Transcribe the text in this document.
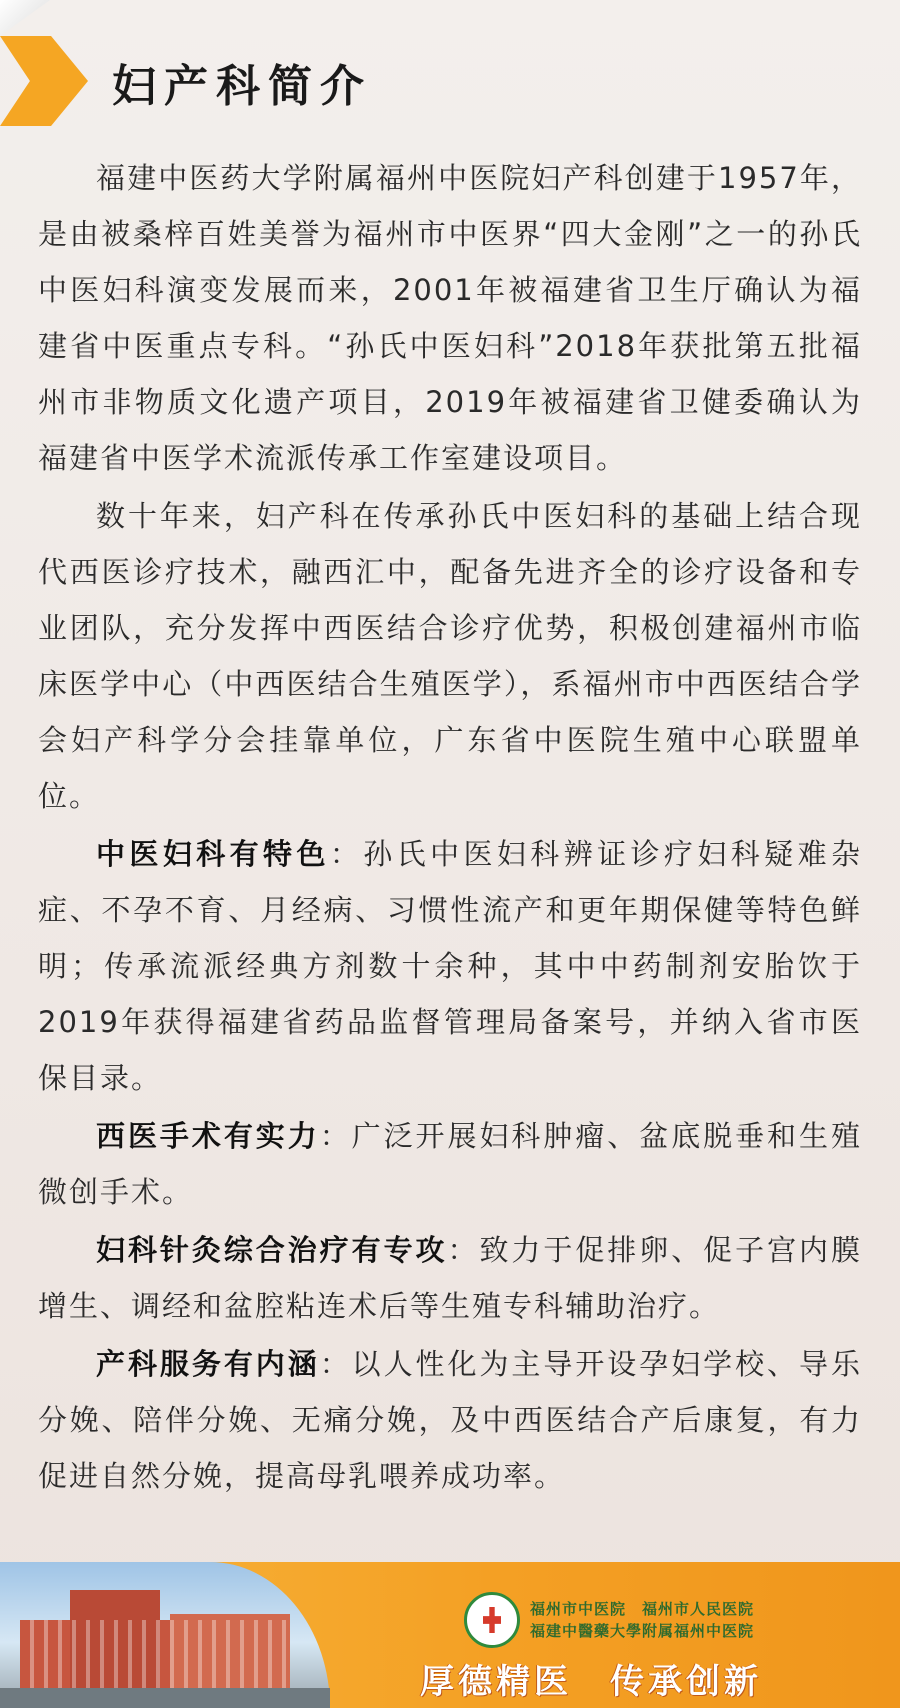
妇产科简介

福建中医药大学附属福州中医院妇产科创建于1957年，是由被桑梓百姓美誉为福州市中医界“四大金刚”之一的孙氏中医妇科演变发展而来，2001年被福建省卫生厅确认为福建省中医重点专科。“孙氏中医妇科”2018年获批第五批福州市非物质文化遗产项目，2019年被福建省卫健委确认为福建省中医学术流派传承工作室建设项目。

数十年来，妇产科在传承孙氏中医妇科的基础上结合现代西医诊疗技术，融西汇中，配备先进齐全的诊疗设备和专业团队，充分发挥中西医结合诊疗优势，积极创建福州市临床医学中心（中西医结合生殖医学），系福州市中西医结合学会妇产科学分会挂靠单位，广东省中医院生殖中心联盟单位。

中医妇科有特色：孙氏中医妇科辨证诊疗妇科疑难杂症、不孕不育、月经病、习惯性流产和更年期保健等特色鲜明；传承流派经典方剂数十余种，其中中药制剂安胎饮于2019年获得福建省药品监督管理局备案号，并纳入省市医保目录。

西医手术有实力：广泛开展妇科肿瘤、盆底脱垂和生殖微创手术。

妇科针灸综合治疗有专攻：致力于促排卵、促子宫内膜增生、调经和盆腔粘连术后等生殖专科辅助治疗。

产科服务有内涵：以人性化为主导开设孕妇学校、导乐分娩、陪伴分娩、无痛分娩，及中西医结合产后康复，有力促进自然分娩，提高母乳喂养成功率。

福州市中医院　福州市人民医院
福建中醫藥大學附属福州中医院
厚德精医　传承创新
